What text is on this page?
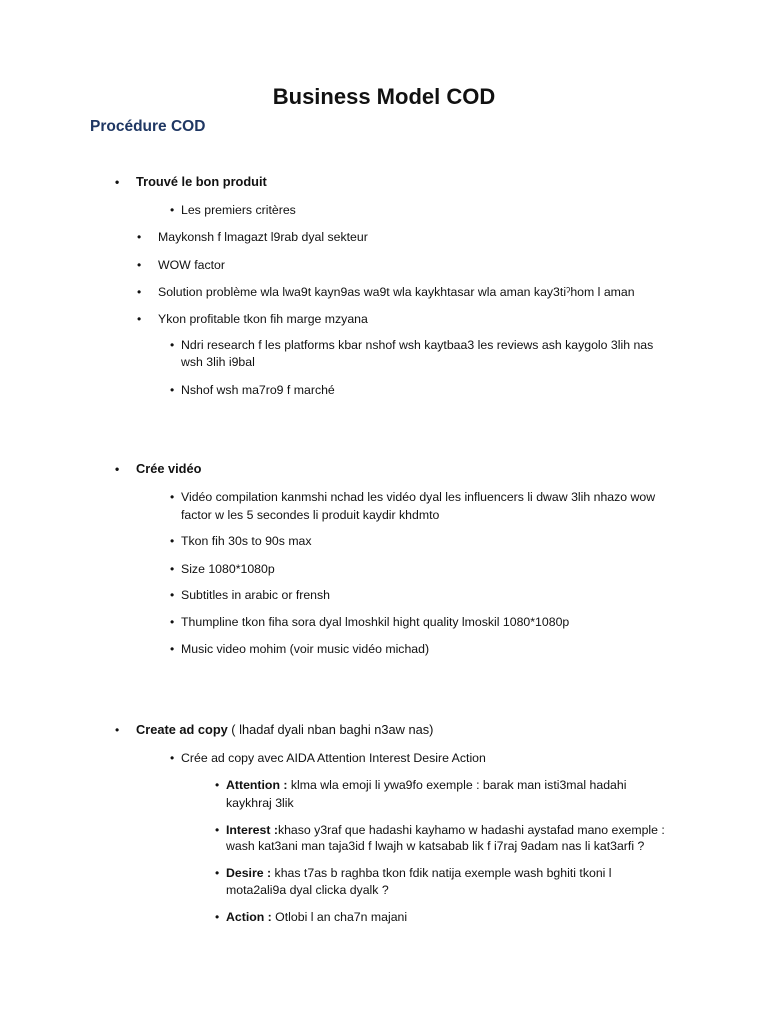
Business Model COD
Procédure COD
• Trouvé le bon produit
• Les premiers critères
• Maykonsh f lmagazt l9rab dyal sekteur
• WOW factor
• Solution problème wla lwa9t kayn9as wa9t wla kaykhtasar wla aman kay3tiˀhom l aman
• Ykon profitable tkon fih marge mzyana
• Ndri research f les platforms kbar nshof wsh kaytbaa3 les reviews ash kaygolo 3lih nas
wsh 3lih i9bal
• Nshof wsh ma7ro9 f marché
• Crée vidéo
• Vidéo compilation kanmshi nchad les vidéo dyal les influencers li dwaw 3lih nhazo wow
factor w les 5 secondes li produit kaydir khdmto
• Tkon fih 30s to 90s max
• Size 1080*1080p
• Subtitles in arabic or frensh
• Thumpline tkon fiha sora dyal lmoshkil hight quality lmoskil 1080*1080p
• Music video mohim (voir music vidéo michad)
• Create ad copy ( lhadaf dyali nban baghi n3aw nas)
• Crée ad copy avec AIDA Attention Interest Desire Action
• Attention : klma wla emoji li ywa9fo exemple : barak man isti3mal hadahi
kaykhraj 3lik
• Interest :khaso y3raf que hadashi kayhamo w hadashi aystafad mano exemple :
wash kat3ani man taja3id f lwajh w katsabab lik f i7raj 9adam nas li kat3arfi ?
• Desire : khas t7as b raghba tkon fdik natija exemple wash bghiti tkoni l
mota2ali9a dyal clicka dyalk ?
• Action : Otlobi l an cha7n majani
